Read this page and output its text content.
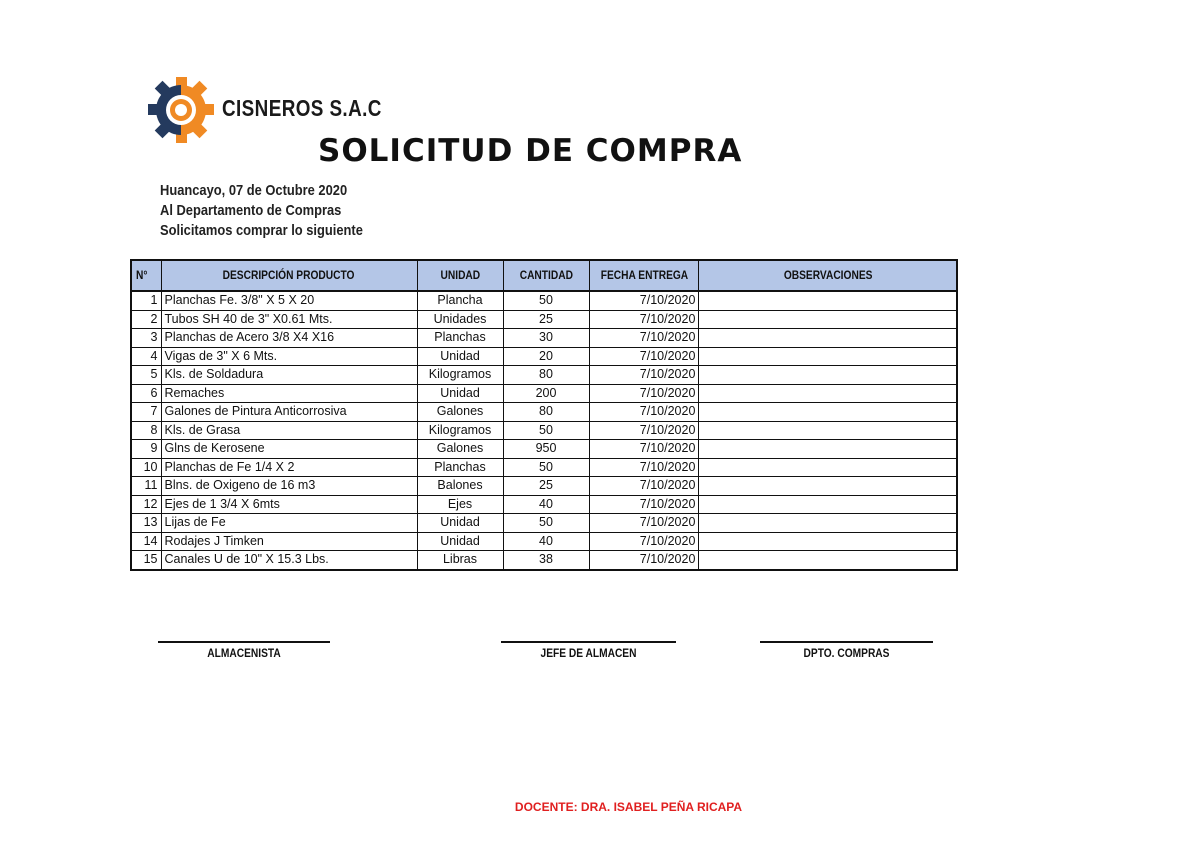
CISNEROS S.A.C
SOLICITUD DE COMPRA
Huancayo, 07 de Octubre 2020
Al Departamento de Compras
Solicitamos comprar lo siguiente
N°	DESCRIPCIÓN PRODUCTO	UNIDAD	CANTIDAD	FECHA ENTREGA	OBSERVACIONES
1	Planchas Fe. 3/8" X 5 X 20	Plancha	50	7/10/2020	
2	Tubos SH 40 de 3" X0.61 Mts.	Unidades	25	7/10/2020	
3	Planchas de Acero 3/8 X4 X16	Planchas	30	7/10/2020	
4	Vigas de 3" X 6 Mts.	Unidad	20	7/10/2020	
5	Kls. de Soldadura	Kilogramos	80	7/10/2020	
6	Remaches	Unidad	200	7/10/2020	
7	Galones de Pintura Anticorrosiva	Galones	80	7/10/2020	
8	Kls. de Grasa	Kilogramos	50	7/10/2020	
9	Glns de Kerosene	Galones	950	7/10/2020	
10	Planchas de Fe 1/4 X 2	Planchas	50	7/10/2020	
11	Blns. de Oxigeno de 16 m3	Balones	25	7/10/2020	
12	Ejes de 1 3/4 X 6mts	Ejes	40	7/10/2020	
13	Lijas de Fe	Unidad	50	7/10/2020	
14	Rodajes J Timken	Unidad	40	7/10/2020	
15	Canales U de 10" X 15.3 Lbs.	Libras	38	7/10/2020	
ALMACENISTA	JEFE DE ALMACEN	DPTO. COMPRAS
DOCENTE: DRA. ISABEL PEÑA RICAPA
